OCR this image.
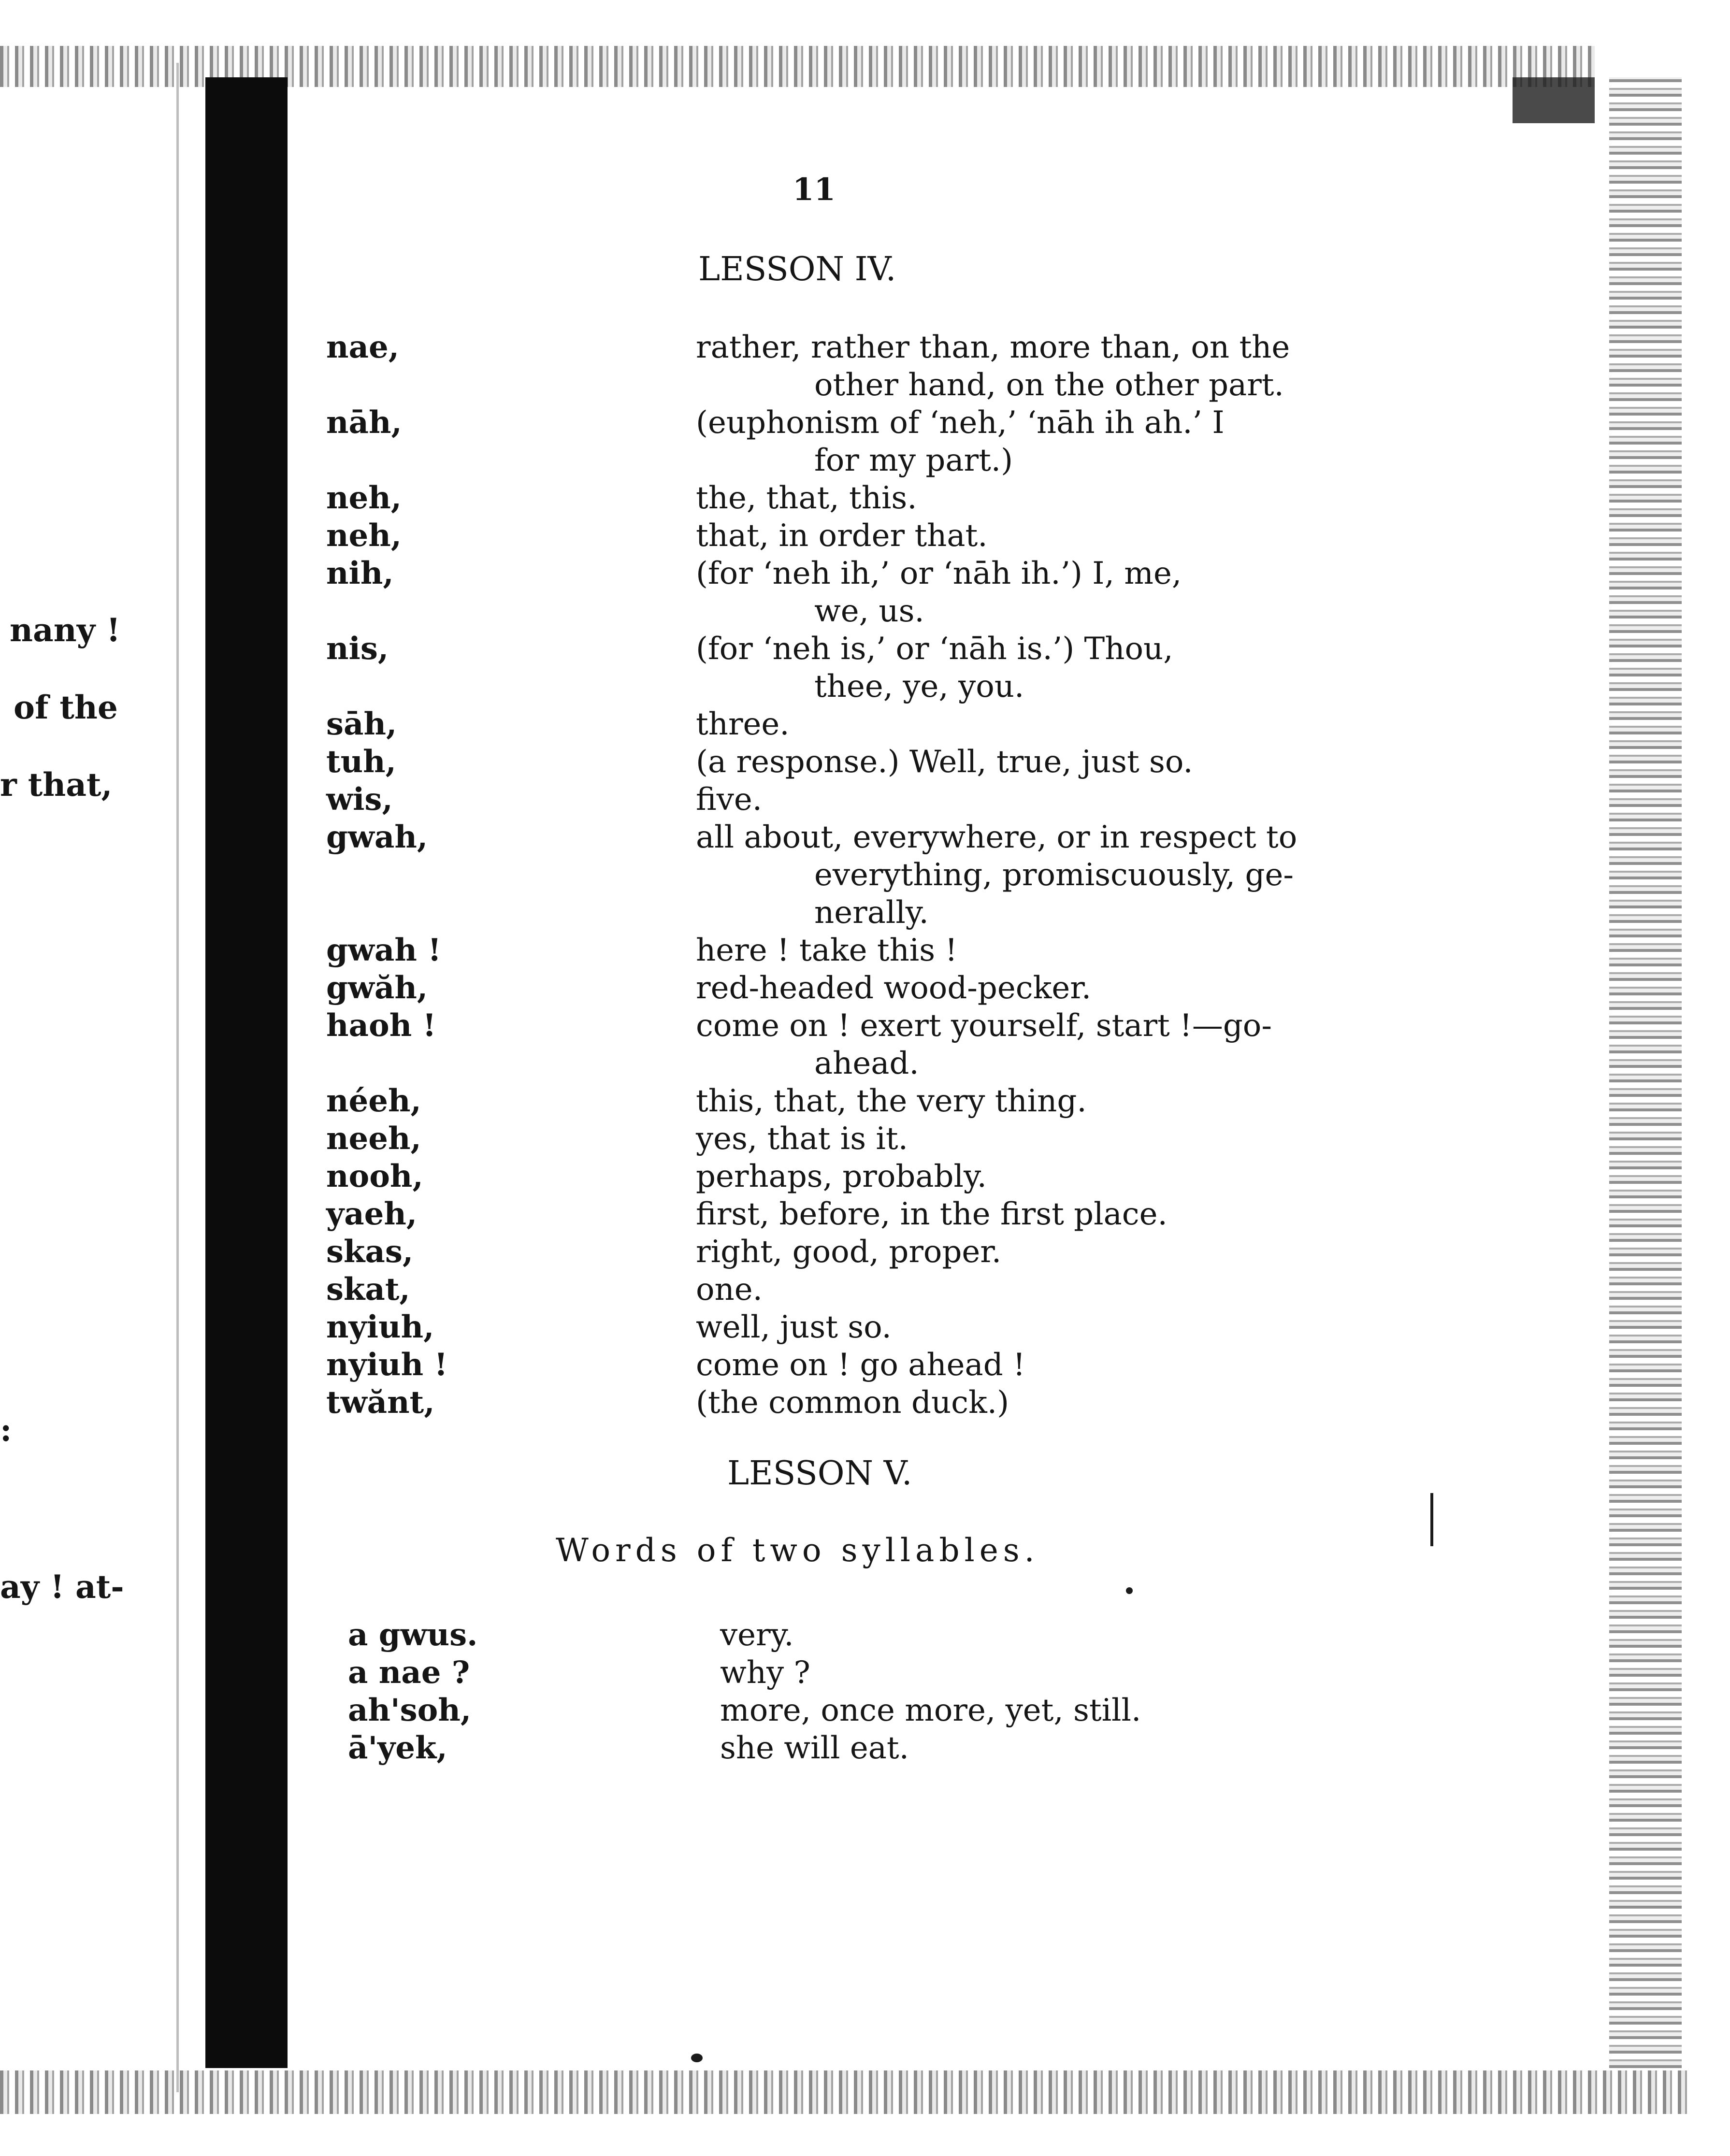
nany !
of the
r that,
:
ay ! at-
11
LESSON IV.
nae,	rather, rather than, more than, on the
other hand, on the other part.
nāh,	(euphonism of ‘neh,’ ‘nāh ih ah.’ I
for my part.)
neh,	the, that, this.
neh,	that, in order that.
nih,	(for ‘neh ih,’ or ‘nāh ih.’) I, me,
we, us.
nis,	(for ‘neh is,’ or ‘nāh is.’) Thou,
thee, ye, you.
sāh,	three.
tuh,	(a response.) Well, true, just so.
wis,	five.
gwah,	all about, everywhere, or in respect to
everything, promiscuously, ge-
nerally.
gwah !	here ! take this !
gwăh,	red-headed wood-pecker.
haoh !	come on ! exert yourself, start !—go-
ahead.
néeh,	this, that, the very thing.
neeh,	yes, that is it.
nooh,	perhaps, probably.
yaeh,	first, before, in the first place.
skas,	right, good, proper.
skat,	one.
nyiuh,	well, just so.
nyiuh !	come on ! go ahead !
twănt,	(the common duck.)
LESSON V.
Words of two syllables.
a gwus.	very.
a nae ?	why ?
ah'soh,	more, once more, yet, still.
ā'yek,	she will eat.
